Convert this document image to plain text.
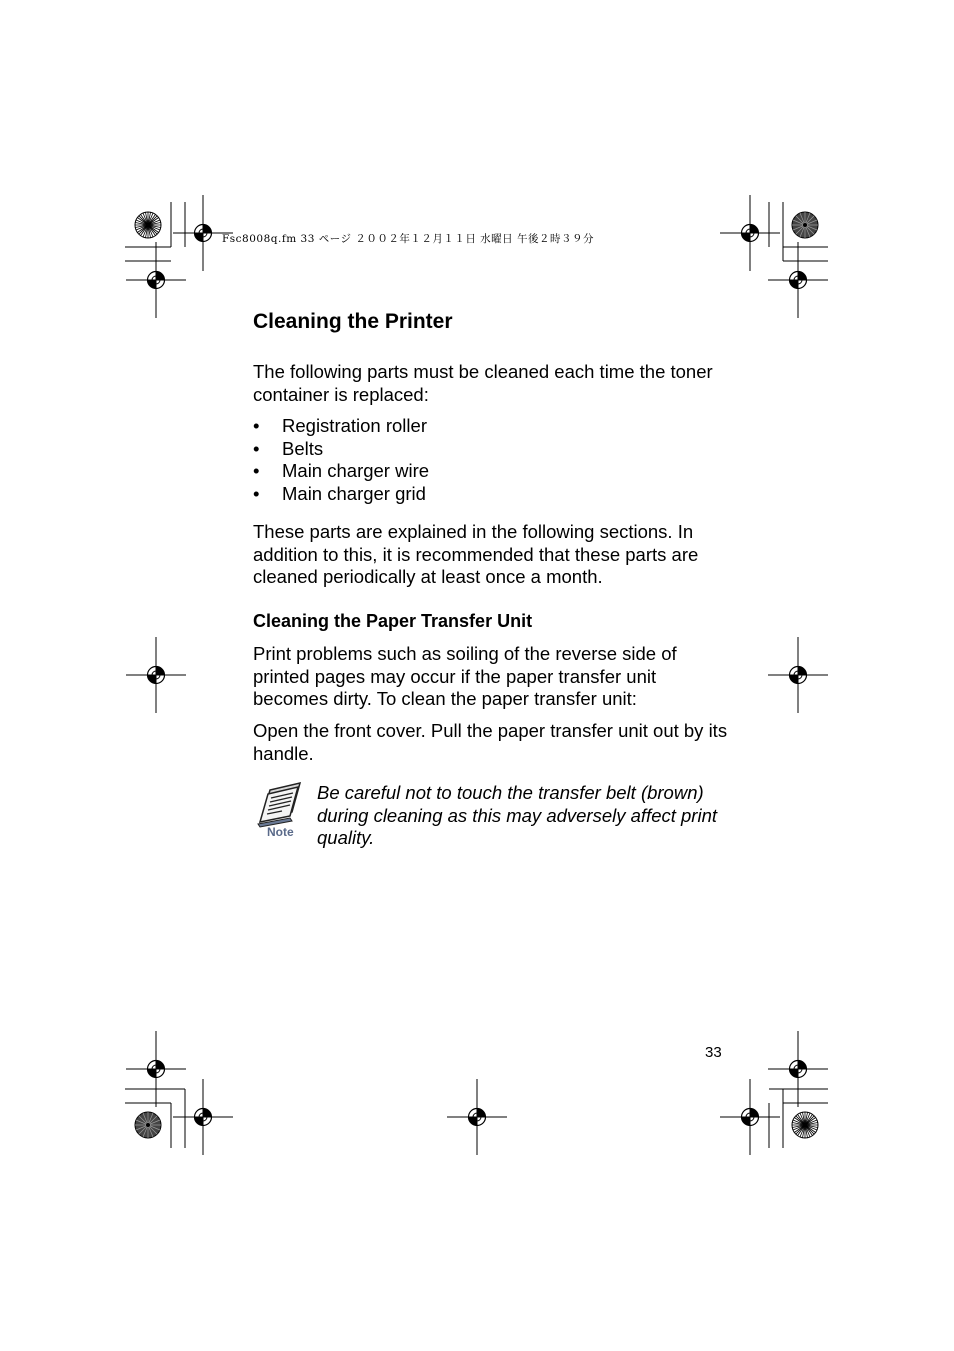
Fsc8008q.fm 33 ページ ２００２年１２月１１日 水曜日 午後２時３９分
Cleaning the Printer

The following parts must be cleaned each time the toner container is replaced:

• Registration roller
• Belts
• Main charger wire
• Main charger grid

These parts are explained in the following sections. In addition to this, it is recommended that these parts are cleaned periodically at least once a month.

Cleaning the Paper Transfer Unit

Print problems such as soiling of the reverse side of printed pages may occur if the paper transfer unit becomes dirty. To clean the paper transfer unit:

Open the front cover. Pull the paper transfer unit out by its handle.

Note

Be careful not to touch the transfer belt (brown) during cleaning as this may adversely affect print quality.

33
